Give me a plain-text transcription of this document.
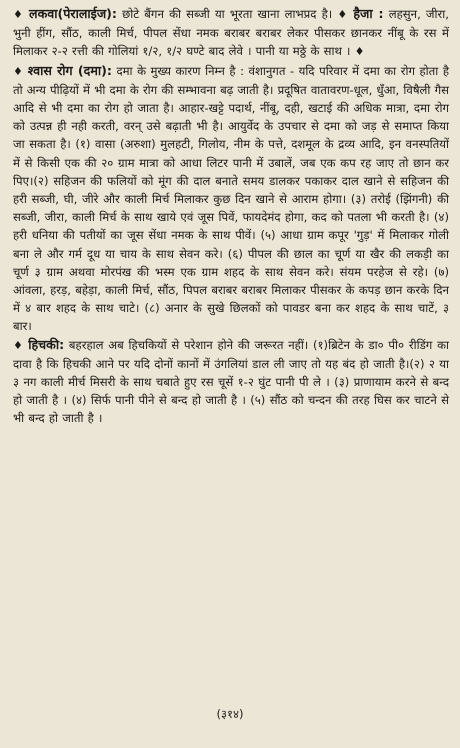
♦ लकवा(पेरालाईज): छोटे बैंगन की सब्जी या भूरता खाना लाभप्रद है। ♦ हैजा : लहसुन, जीरा, भुनी हींग, सौंठ, काली मिर्च, पीपल सेंधा नमक बराबर बराबर लेकर पीसकर छानकर नींबू के रस में मिलाकर २-२ रत्ती की गोलियां १/२, १/२ घण्टे बाद लेवे । पानी या मठ्ठे के साथ । ♦

♦ श्वास रोग (दमा): दमा के मुख्य कारण निम्न है : वंशानुगत - यदि परिवार में दमा का रोग होता है तो अन्य पीढ़ियों में भी दमा के रोग की सम्भावना बढ़ जाती है। प्रदूषित वातावरण-धूल, धुँआ, विषैली गैस आदि से भी दमा का रोग हो जाता है। आहार-खट्टे पदार्थ, नींबू, दही, खटाई की अधिक मात्रा, दमा रोग को उत्पन्न ही नही करती, वरन् उसे बढ़ाती भी है। आयुर्वेद के उपचार से दमा को जड़ से समाप्त किया जा सकता है। (१) वासा (अरुशा) मुलहटी, गिलोय, नीम के पत्ते, दशमूल के द्रव्य आदि, इन वनस्पतियों में से किसी एक की २० ग्राम मात्रा को आधा लिटर पानी में उबालें, जब एक कप रह जाए तो छान कर पिए।(२) सहिजन की फलियों को मूंग की दाल बनाते समय डालकर पकाकर दाल खाने से सहिजन की हरी सब्जी, घी, जीरे और काली मिर्च मिलाकर कुछ दिन खाने से आराम होगा। (३) तरोई (झिंगनी) की सब्जी, जीरा, काली मिर्च के साथ खाये एवं जूस पिवें, फायदेमंद होगा, कद को पतला भी करती है। (४) हरी धनिया की पतीयों का जूस सेंधा नमक के साथ पीवें। (५) आधा ग्राम कपूर 'गुड़' में मिलाकर गोली बना ले और गर्म दूध या चाय के साथ सेवन करे। (६) पीपल की छाल का चूर्ण या खैर की लकड़ी का चूर्ण ३ ग्राम अथवा मोरपंख की भस्म एक ग्राम शहद के साथ सेवन करे। संयम परहेज से रहे। (७) आंवला, हरड़, बहेड़ा, काली मिर्च, सौंठ, पिपल बराबर बराबर मिलाकर पीसकर के कपड़ छान करके दिन में ४ बार शहद के साथ चाटे। (८) अनार के सुखे छिलकों को पावडर बना कर शहद के साथ चाटें, ३ बार।

♦ हिचकी: बहरहाल अब हिचकियों से परेशान होने की जरूरत नहीं। (१)ब्रिटेन के डा० पी० रीडिंग का दावा है कि हिचकी आने पर यदि दोनों कानों में उंगलियां डाल ली जाए तो यह बंद हो जाती है।(२) २ या ३ नग काली मीर्च मिसरी के साथ चबाते हुए रस चूसें १-२ घुंट पानी पी ले । (३) प्राणायाम करने से बन्द हो जाती है । (४) सिर्फ पानी पीने से बन्द हो जाती है । (५) सौंठ को चन्दन की तरह घिस कर चाटने से भी बन्द हो जाती है ।

(३१४)
